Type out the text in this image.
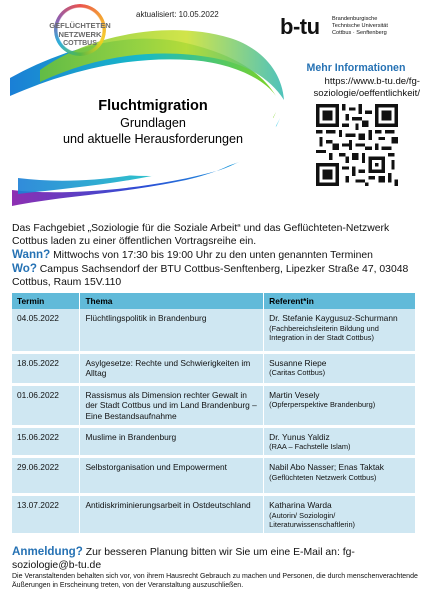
GEFLÜCHTETEN
NETZWERK
COTTBUS
aktualisiert: 10.05.2022	b-tu Brandenburgische
Technische Universität
Cottbus · Senftenberg
Mehr Informationen
https://www.b-tu.de/fg-
soziologie/oeffentlichkeit/
Fluchtmigration
Grundlagen
und aktuelle Herausforderungen
Das Fachgebiet „Soziologie für die Soziale Arbeit“ und das Geflüchteten-Netzwerk Cottbus laden zu einer öffentlichen Vortragsreihe ein.
Wann? Mittwochs von 17:30 bis 19:00 Uhr zu den unten genannten Terminen
Wo? Campus Sachsendorf der BTU Cottbus-Senftenberg, Lipezker Straße 47, 03048 Cottbus, Raum 15V.110
Termin	Thema	Referent*in
04.05.2022	Flüchtlingspolitik in Brandenburg	Dr. Stefanie Kaygusuz-Schurmann
(Fachbereichsleiterin Bildung und Integration in der Stadt Cottbus)

18.05.2022	Asylgesetze: Rechte und Schwierigkeiten im Alltag	Susanne Riepe
(Caritas Cottbus)

01.06.2022	Rassismus als Dimension rechter Gewalt in der Stadt Cottbus und im Land Brandenburg – Eine Bestandsaufnahme	Martin Vesely
(Opferperspektive Brandenburg)

15.06.2022	Muslime in Brandenburg	Dr. Yunus Yaldiz
(RAA – Fachstelle Islam)

29.06.2022	Selbstorganisation und Empowerment	Nabil Abo Nasser; Enas Taktak
(Geflüchteten Netzwerk Cottbus)

13.07.2022	Antidiskriminierungsarbeit in Ostdeutschland	Katharina Warda
(Autorin/ Soziologin/ Literaturwissenschaftlerin)
Anmeldung? Zur besseren Planung bitten wir Sie um eine E-Mail an: fg-soziologie@b-tu.de
Die Veranstaltenden behalten sich vor, von ihrem Hausrecht Gebrauch zu machen und Personen, die durch menschenverachtende Äußerungen in Erscheinung treten, von der Veranstaltung auszuschließen.
